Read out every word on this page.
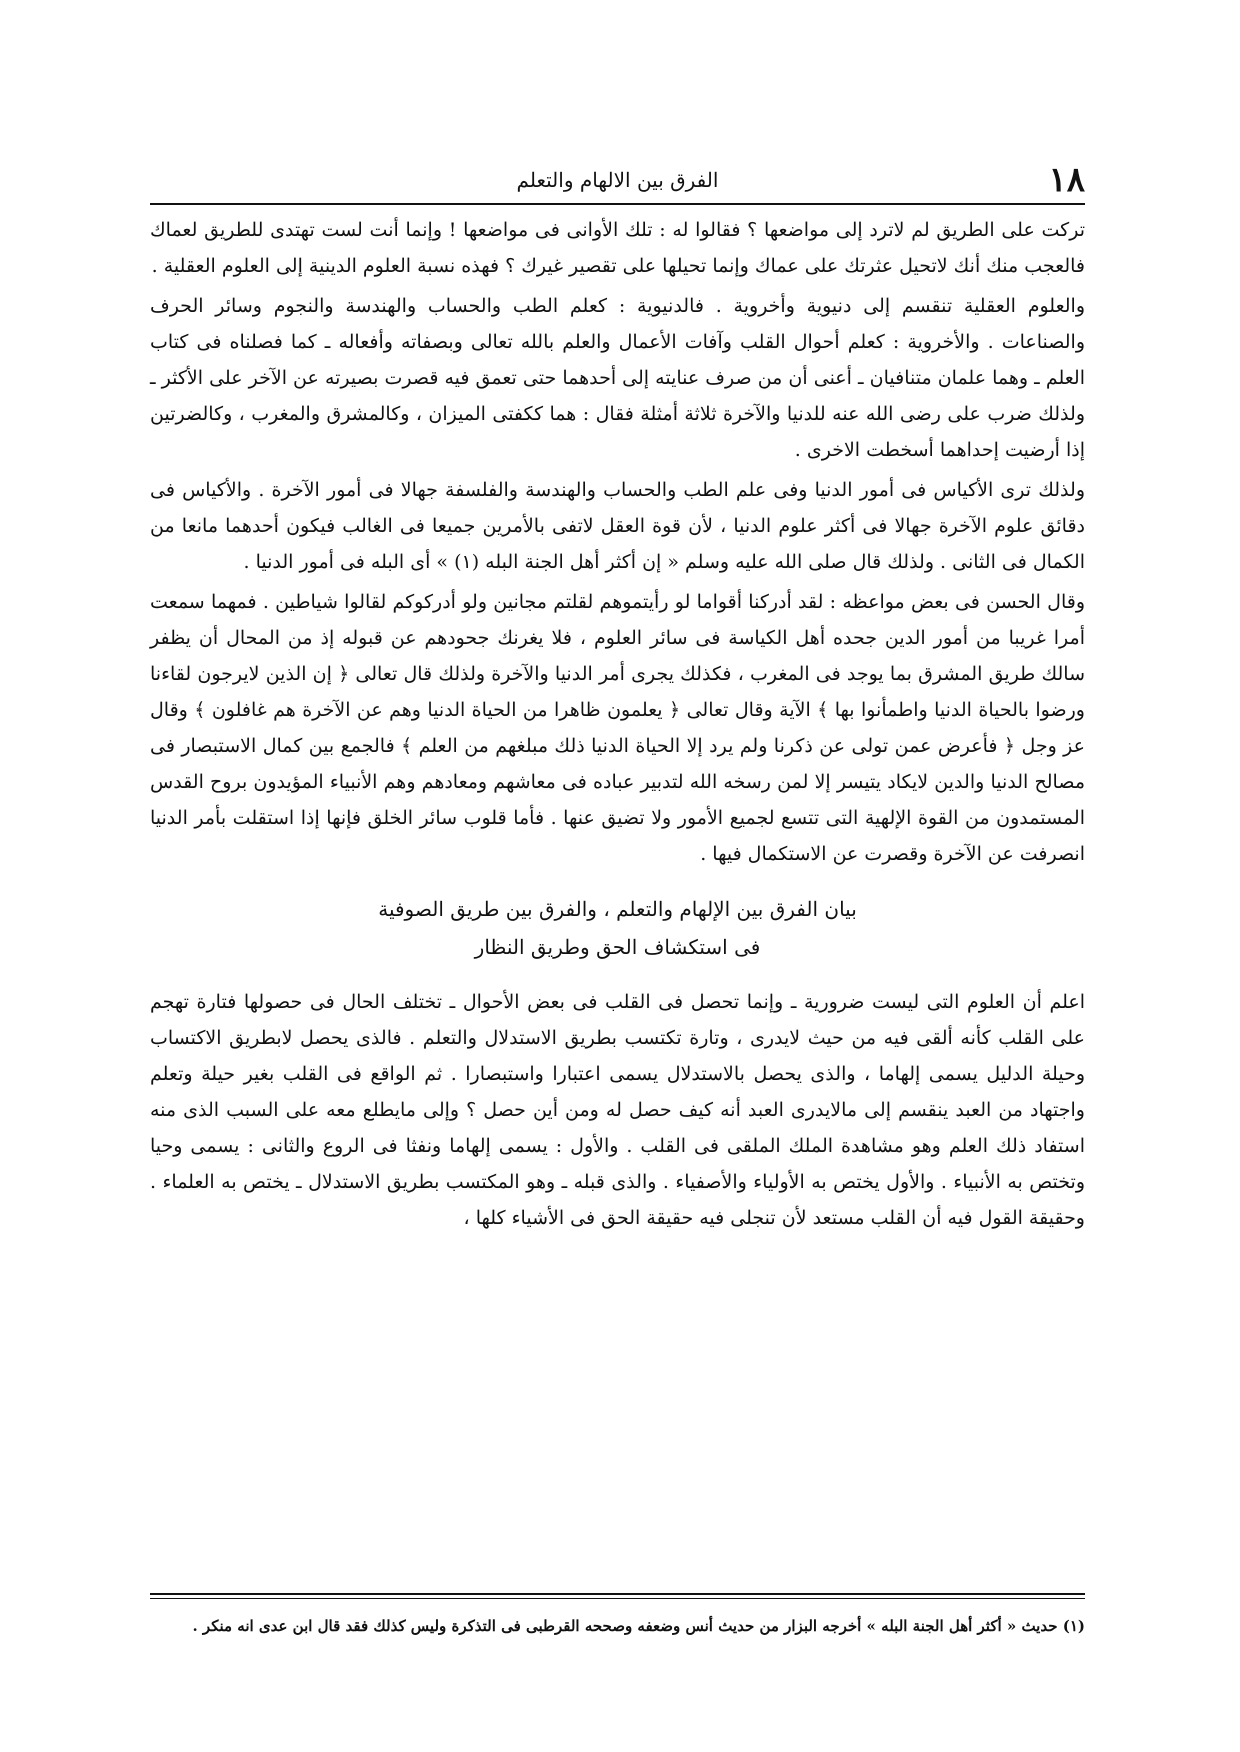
١٨
الفرق بين الالهام والتعلم
تركت على الطريق لم لاترد إلى مواضعها ؟ فقالوا له : تلك الأوانى فى مواضعها ! وإنما أنت لست تهتدى للطريق لعماك فالعجب منك أنك لاتحيل عثرتك على عماك وإنما تحيلها على تقصير غيرك ؟ فهذه نسبة العلوم الدينية إلى العلوم العقلية .
والعلوم العقلية تنقسم إلى دنيوية وأخروية . فالدنيوية : كعلم الطب والحساب والهندسة والنجوم وسائر الحرف والصناعات . والأخروية : كعلم أحوال القلب وآفات الأعمال والعلم بالله تعالى وبصفاته وأفعاله ـ كما فصلناه فى كتاب العلم ـ وهما علمان متنافيان ـ أعنى أن من صرف عنايته إلى أحدهما حتى تعمق فيه قصرت بصيرته عن الآخر على الأكثر ـ ولذلك ضرب على رضى الله عنه للدنيا والآخرة ثلاثة أمثلة فقال : هما ككفتى الميزان ، وكالمشرق والمغرب ، وكالضرتين إذا أرضيت إحداهما أسخطت الاخرى .
ولذلك ترى الأكياس فى أمور الدنيا وفى علم الطب والحساب والهندسة والفلسفة جهالا فى أمور الآخرة . والأكياس فى دقائق علوم الآخرة جهالا فى أكثر علوم الدنيا ، لأن قوة العقل لاتفى بالأمرين جميعا فى الغالب فيكون أحدهما مانعا من الكمال فى الثانى . ولذلك قال صلى الله عليه وسلم « إن أكثر أهل الجنة البله (١) » أى البله فى أمور الدنيا .
وقال الحسن فى بعض مواعظه : لقد أدركنا أقواما لو رأيتموهم لقلتم مجانين ولو أدركوكم لقالوا شياطين . فمهما سمعت أمرا غريبا من أمور الدين جحده أهل الكياسة فى سائر العلوم ، فلا يغرنك جحودهم عن قبوله إذ من المحال أن يظفر سالك طريق المشرق بما يوجد فى المغرب ، فكذلك يجرى أمر الدنيا والآخرة ولذلك قال تعالى ﴿ إن الذين لايرجون لقاءنا ورضوا بالحياة الدنيا واطمأنوا بها ﴾ الآية وقال تعالى ﴿ يعلمون ظاهرا من الحياة الدنيا وهم عن الآخرة هم غافلون ﴾ وقال عز وجل ﴿ فأعرض عمن تولى عن ذكرنا ولم يرد إلا الحياة الدنيا ذلك مبلغهم من العلم ﴾ فالجمع بين كمال الاستبصار فى مصالح الدنيا والدين لايكاد يتيسر إلا لمن رسخه الله لتدبير عباده فى معاشهم ومعادهم وهم الأنبياء المؤيدون بروح القدس المستمدون من القوة الإلهية التى تتسع لجميع الأمور ولا تضيق عنها . فأما قلوب سائر الخلق فإنها إذا استقلت بأمر الدنيا انصرفت عن الآخرة وقصرت عن الاستكمال فيها .
بيان الفرق بين الإلهام والتعلم ، والفرق بين طريق الصوفية
فى استكشاف الحق وطريق النظار
اعلم أن العلوم التى ليست ضرورية ـ وإنما تحصل فى القلب فى بعض الأحوال ـ تختلف الحال فى حصولها فتارة تهجم على القلب كأنه ألقى فيه من حيث لايدرى ، وتارة تكتسب بطريق الاستدلال والتعلم . فالذى يحصل لابطريق الاكتساب وحيلة الدليل يسمى إلهاما ، والذى يحصل بالاستدلال يسمى اعتبارا واستبصارا . ثم الواقع فى القلب بغير حيلة وتعلم واجتهاد من العبد ينقسم إلى مالايدرى العبد أنه كيف حصل له ومن أين حصل ؟ وإلى مايطلع معه على السبب الذى منه استفاد ذلك العلم وهو مشاهدة الملك الملقى فى القلب . والأول : يسمى إلهاما ونفثا فى الروع والثانى : يسمى وحيا وتختص به الأنبياء . والأول يختص به الأولياء والأصفياء . والذى قبله ـ وهو المكتسب بطريق الاستدلال ـ يختص به العلماء . وحقيقة القول فيه أن القلب مستعد لأن تنجلى فيه حقيقة الحق فى الأشياء كلها ،
(١) حديث « أكثر أهل الجنة البله » أخرجه البزار من حديث أنس وضعفه وصححه القرطبى فى التذكرة وليس كذلك فقد قال ابن عدى انه منكر .
